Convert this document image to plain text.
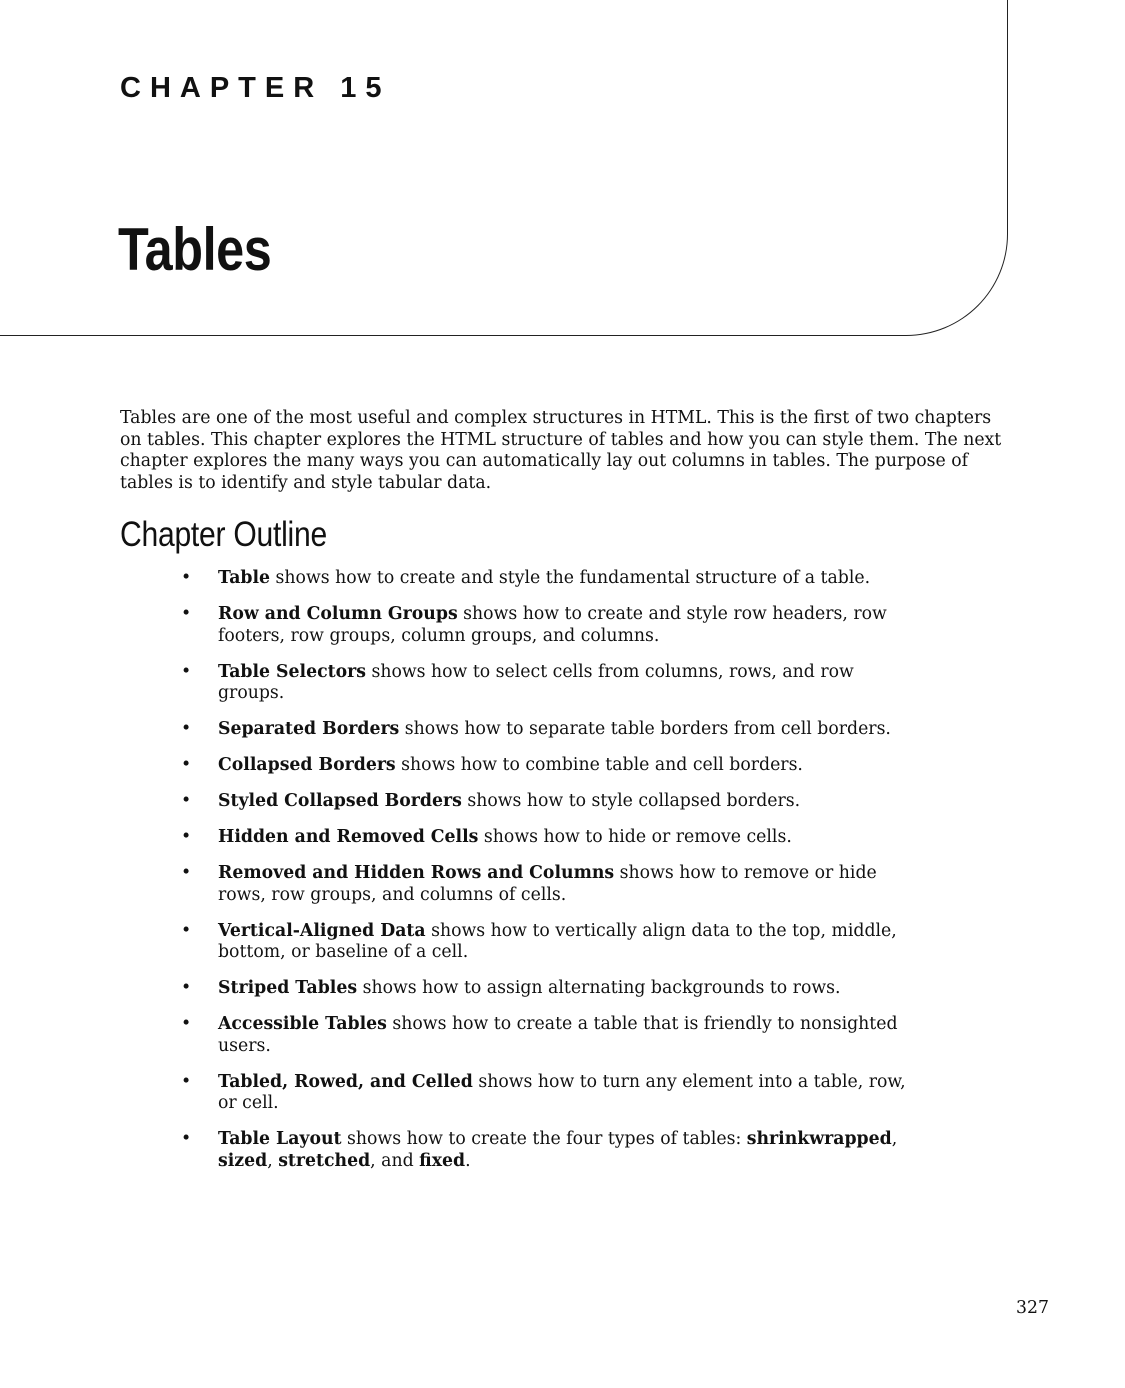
CHAPTER 15
Tables

Tables are one of the most useful and complex structures in HTML. This is the first of two chapters on tables. This chapter explores the HTML structure of tables and how you can style them. The next chapter explores the many ways you can automatically lay out columns in tables. The purpose of tables is to identify and style tabular data.

Chapter Outline
• Table shows how to create and style the fundamental structure of a table.
• Row and Column Groups shows how to create and style row headers, row footers, row groups, column groups, and columns.
• Table Selectors shows how to select cells from columns, rows, and row groups.
• Separated Borders shows how to separate table borders from cell borders.
• Collapsed Borders shows how to combine table and cell borders.
• Styled Collapsed Borders shows how to style collapsed borders.
• Hidden and Removed Cells shows how to hide or remove cells.
• Removed and Hidden Rows and Columns shows how to remove or hide rows, row groups, and columns of cells.
• Vertical-Aligned Data shows how to vertically align data to the top, middle, bottom, or baseline of a cell.
• Striped Tables shows how to assign alternating backgrounds to rows.
• Accessible Tables shows how to create a table that is friendly to nonsighted users.
• Tabled, Rowed, and Celled shows how to turn any element into a table, row, or cell.
• Table Layout shows how to create the four types of tables: shrinkwrapped, sized, stretched, and fixed.

327
